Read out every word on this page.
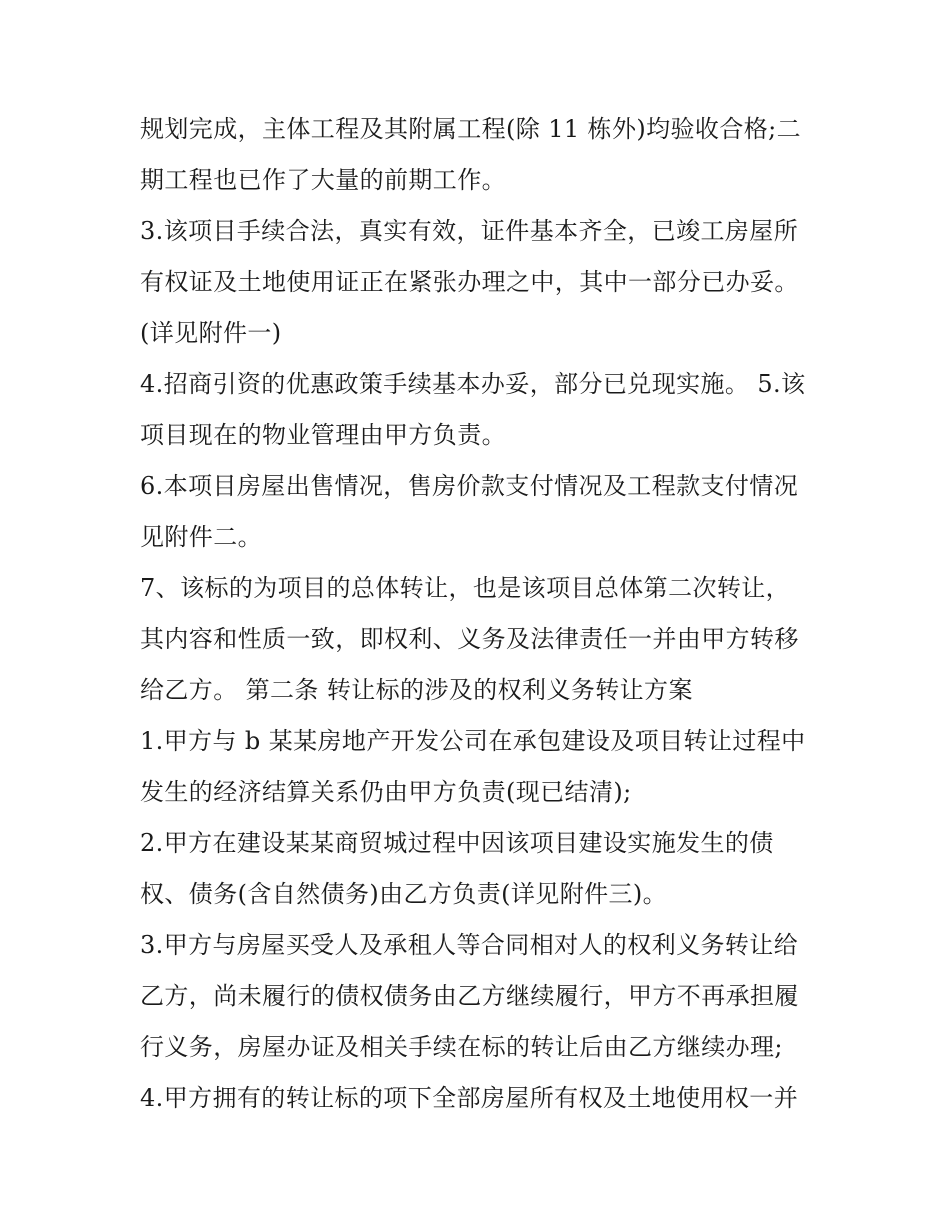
规划完成，主体工程及其附属工程(除 11 栋外)均验收合格;二
期工程也已作了大量的前期工作。
3.该项目手续合法，真实有效，证件基本齐全，已竣工房屋所
有权证及土地使用证正在紧张办理之中，其中一部分已办妥。
(详见附件一)
4.招商引资的优惠政策手续基本办妥，部分已兑现实施。 5.该
项目现在的物业管理由甲方负责。
6.本项目房屋出售情况，售房价款支付情况及工程款支付情况
见附件二。
7、该标的为项目的总体转让，也是该项目总体第二次转让，
其内容和性质一致，即权利、义务及法律责任一并由甲方转移
给乙方。 第二条 转让标的涉及的权利义务转让方案
1.甲方与 b 某某房地产开发公司在承包建设及项目转让过程中
发生的经济结算关系仍由甲方负责(现已结清);
2.甲方在建设某某商贸城过程中因该项目建设实施发生的债
权、债务(含自然债务)由乙方负责(详见附件三)。
3.甲方与房屋买受人及承租人等合同相对人的权利义务转让给
乙方，尚未履行的债权债务由乙方继续履行，甲方不再承担履
行义务，房屋办证及相关手续在标的转让后由乙方继续办理;
4.甲方拥有的转让标的项下全部房屋所有权及土地使用权一并
